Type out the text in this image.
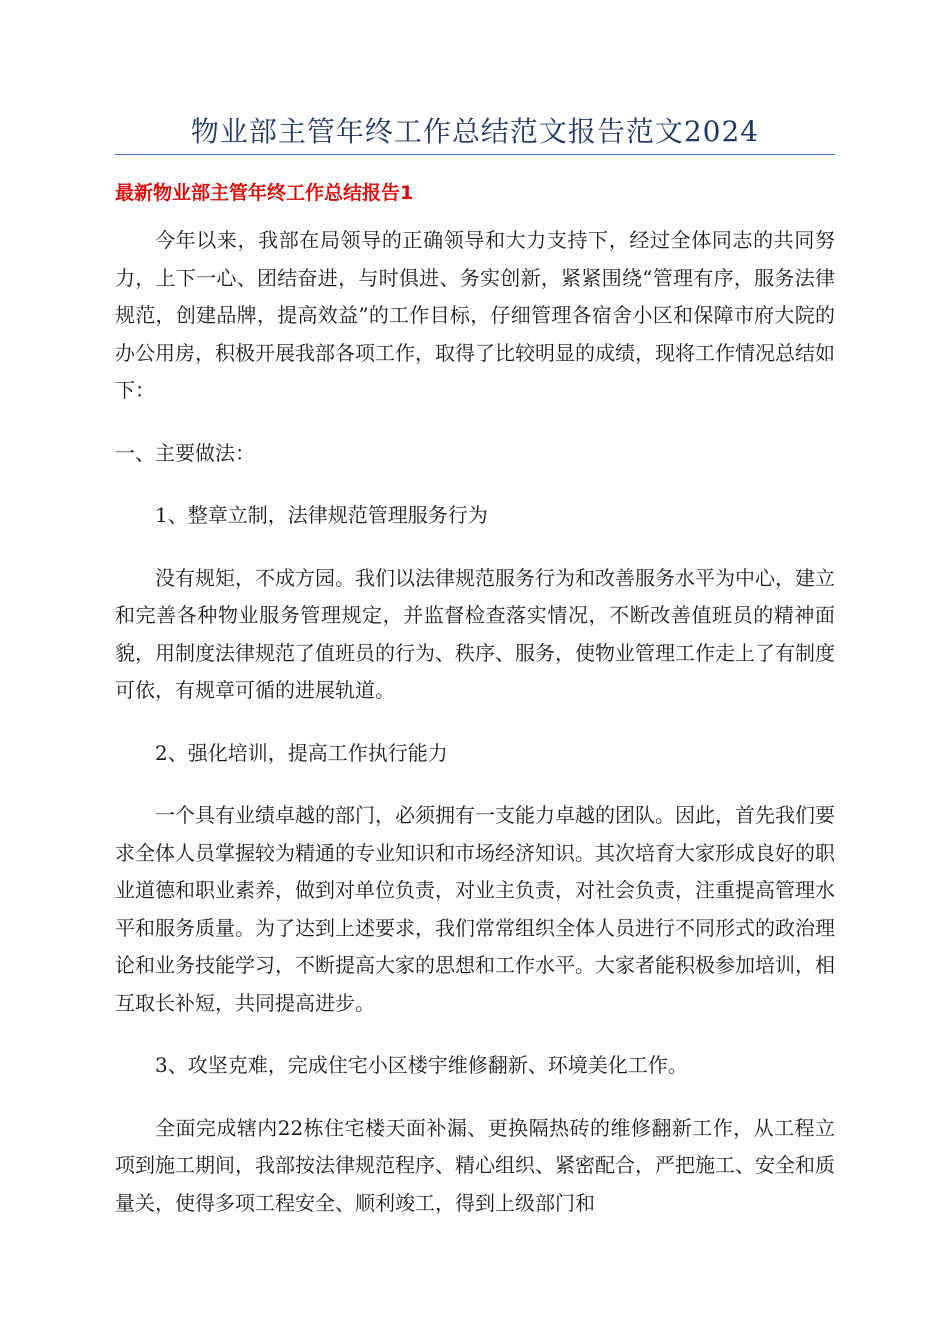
物业部主管年终工作总结范文报告范文2024
最新物业部主管年终工作总结报告1

今年以来，我部在局领导的正确领导和大力支持下，经过全体同志的共同努力，上下一心、团结奋进，与时俱进、务实创新，紧紧围绕“管理有序，服务法律规范，创建品牌，提高效益”的工作目标，仔细管理各宿舍小区和保障市府大院的办公用房，积极开展我部各项工作，取得了比较明显的成绩，现将工作情况总结如下：

一、主要做法：

1、整章立制，法律规范管理服务行为

没有规矩，不成方园。我们以法律规范服务行为和改善服务水平为中心，建立和完善各种物业服务管理规定，并监督检查落实情况，不断改善值班员的精神面貌，用制度法律规范了值班员的行为、秩序、服务，使物业管理工作走上了有制度可依，有规章可循的进展轨道。

2、强化培训，提高工作执行能力

一个具有业绩卓越的部门，必须拥有一支能力卓越的团队。因此，首先我们要求全体人员掌握较为精通的专业知识和市场经济知识。其次培育大家形成良好的职业道德和职业素养，做到对单位负责，对业主负责，对社会负责，注重提高管理水平和服务质量。为了达到上述要求，我们常常组织全体人员进行不同形式的政治理论和业务技能学习，不断提高大家的思想和工作水平。大家者能积极参加培训，相互取长补短，共同提高进步。

3、攻坚克难，完成住宅小区楼宇维修翻新、环境美化工作。

全面完成辖内22栋住宅楼天面补漏、更换隔热砖的维修翻新工作，从工程立项到施工期间，我部按法律规范程序、精心组织、紧密配合，严把施工、安全和质量关，使得多项工程安全、顺利竣工，得到上级部门和
